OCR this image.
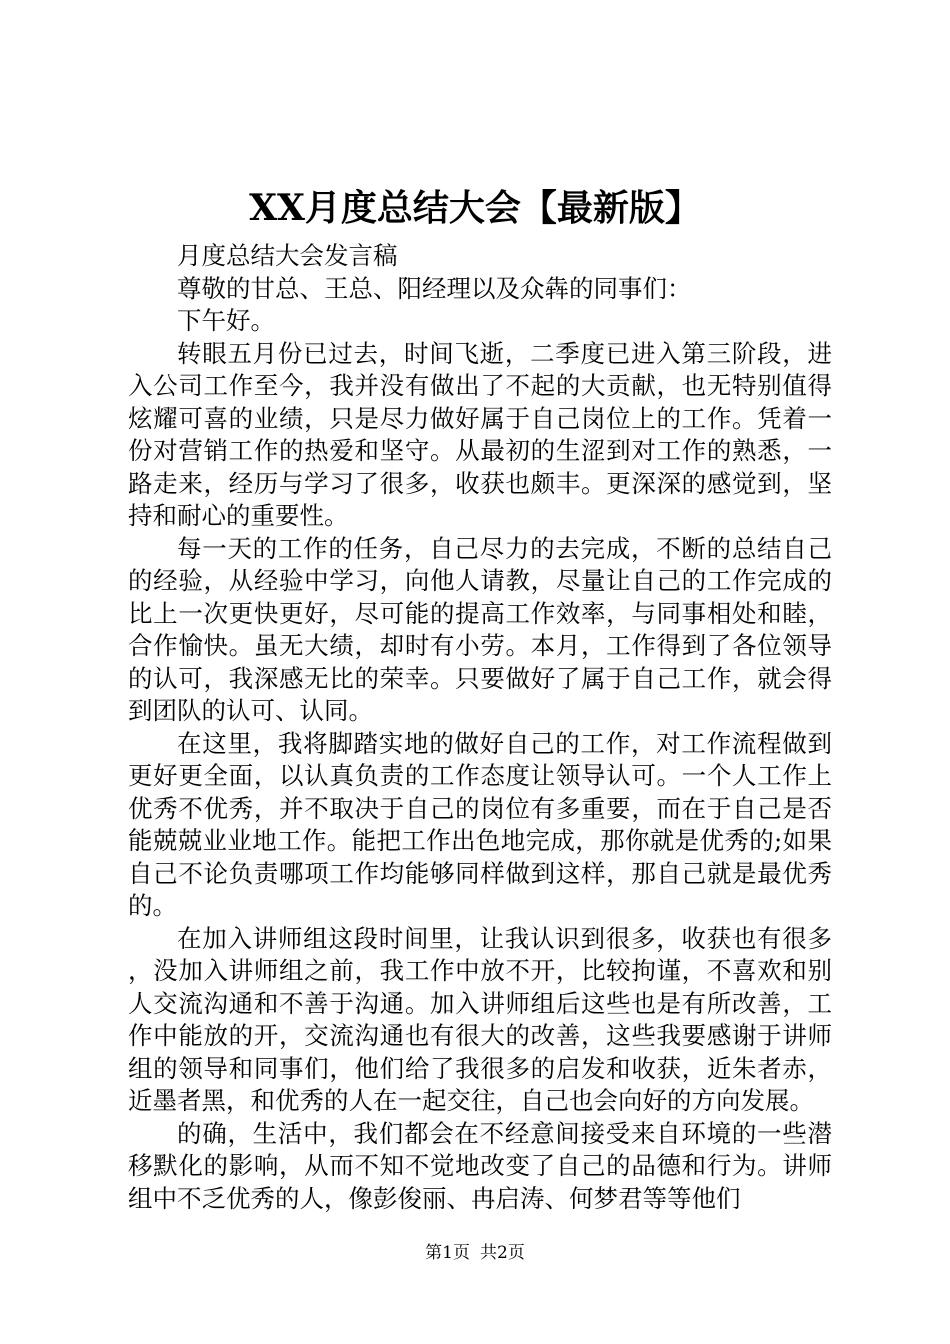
XX月度总结大会【最新版】

月度总结大会发言稿

尊敬的甘总、王总、阳经理以及众犇的同事们：

下午好。

转眼五月份已过去，时间飞逝，二季度已进入第三阶段，进入公司工作至今，我并没有做出了不起的大贡献，也无特别值得炫耀可喜的业绩，只是尽力做好属于自己岗位上的工作。凭着一份对营销工作的热爱和坚守。从最初的生涩到对工作的熟悉，一路走来，经历与学习了很多，收获也颇丰。更深深的感觉到，坚持和耐心的重要性。

每一天的工作的任务，自己尽力的去完成，不断的总结自己的经验，从经验中学习，向他人请教，尽量让自己的工作完成的比上一次更快更好，尽可能的提高工作效率，与同事相处和睦，合作愉快。虽无大绩，却时有小劳。本月，工作得到了各位领导的认可，我深感无比的荣幸。只要做好了属于自己工作，就会得到团队的认可、认同。

在这里，我将脚踏实地的做好自己的工作，对工作流程做到更好更全面，以认真负责的工作态度让领导认可。一个人工作上优秀不优秀，并不取决于自己的岗位有多重要，而在于自己是否能兢兢业业地工作。能把工作出色地完成，那你就是优秀的;如果自己不论负责哪项工作均能够同样做到这样，那自己就是最优秀的。

在加入讲师组这段时间里，让我认识到很多，收获也有很多，没加入讲师组之前，我工作中放不开，比较拘谨，不喜欢和别人交流沟通和不善于沟通。加入讲师组后这些也是有所改善，工作中能放的开，交流沟通也有很大的改善，这些我要感谢于讲师组的领导和同事们，他们给了我很多的启发和收获，近朱者赤，近墨者黑，和优秀的人在一起交往，自己也会向好的方向发展。

的确，生活中，我们都会在不经意间接受来自环境的一些潜移默化的影响，从而不知不觉地改变了自己的品德和行为。讲师组中不乏优秀的人，像彭俊丽、冉启涛、何梦君等等他们

第1页 共2页
